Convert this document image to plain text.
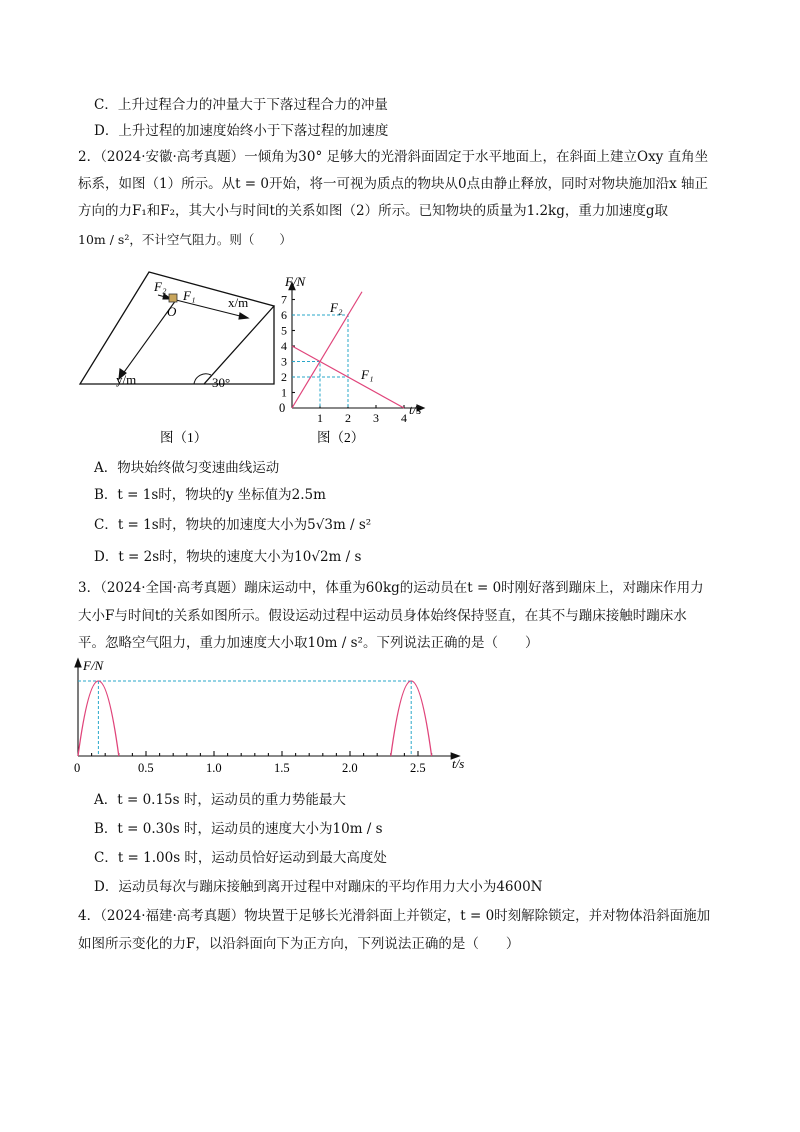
C．上升过程合力的冲量大于下落过程合力的冲量
D．上升过程的加速度始终小于下落过程的加速度
2．（2024·安徽·高考真题）一倾角为30° 足够大的光滑斜面固定于水平地面上，在斜面上建立Oxy 直角坐
标系，如图（1）所示。从t = 0开始，将一可视为质点的物块从0点由静止释放，同时对物块施加沿x 轴正
方向的力F₁和F₂，其大小与时间t的关系如图（2）所示。已知物块的质量为1.2kg，重力加速度g取
10m / s²，不计空气阻力。则（　　）
F₂
F₁
O
x/m
y/m	30°
图（1）
1
2
3
4
5
6
7
1 2 3 4
F/N
t/s
0
F₂
F₁
图（2）
A．物块始终做匀变速曲线运动
B．t = 1s时，物块的y 坐标值为2.5m
C．t = 1s时，物块的加速度大小为5√3m / s²
D．t = 2s时，物块的速度大小为10√2m / s
3．（2024·全国·高考真题）蹦床运动中，体重为60kg的运动员在t = 0时刚好落到蹦床上，对蹦床作用力
大小F与时间t的关系如图所示。假设运动过程中运动员身体始终保持竖直，在其不与蹦床接触时蹦床水
平。忽略空气阻力，重力加速度大小取10m / s²。下列说法正确的是（　　）
0	0.5	1.0	1.5	2.0	2.5
F/N
t/s
A．t = 0.15s 时，运动员的重力势能最大
B．t = 0.30s 时，运动员的速度大小为10m / s
C．t = 1.00s 时，运动员恰好运动到最大高度处
D．运动员每次与蹦床接触到离开过程中对蹦床的平均作用力大小为4600N
4．（2024·福建·高考真题）物块置于足够长光滑斜面上并锁定，t = 0时刻解除锁定，并对物体沿斜面施加
如图所示变化的力F，以沿斜面向下为正方向，下列说法正确的是（　　）
